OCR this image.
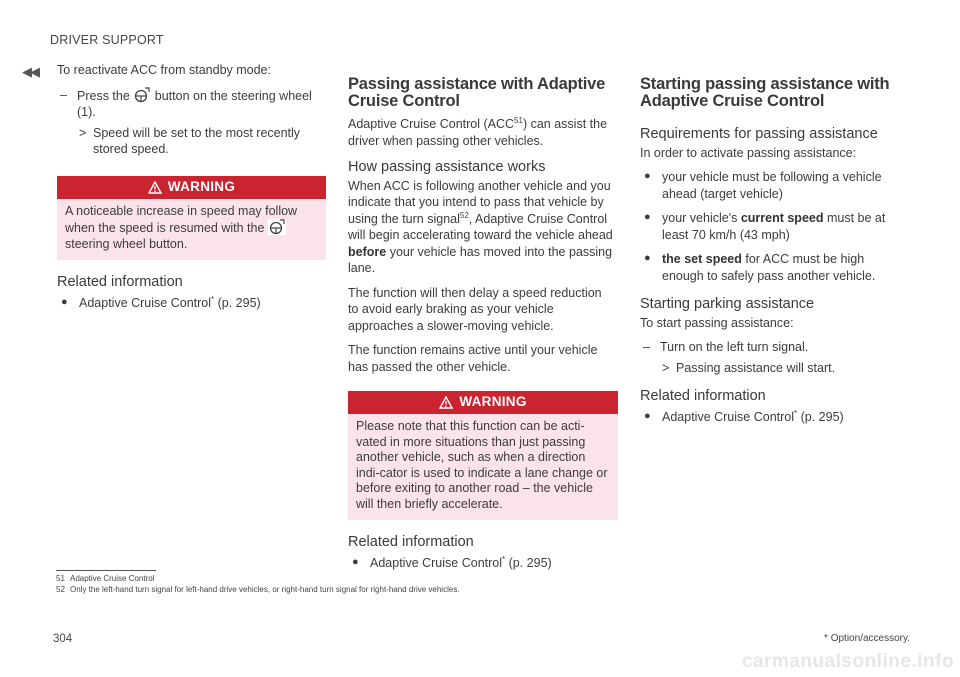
DRIVER SUPPORT
◀◀ To reactivate ACC from standby mode:

– Press the button on the steering wheel (1).
> Speed will be set to the most recently stored speed.
WARNING
A noticeable increase in speed may follow when the speed is resumed with the  steering wheel button.
Related information
● Adaptive Cruise Control* (p. 295)
Passing assistance with Adaptive Cruise Control

Adaptive Cruise Control (ACC$^{51}$) can assist the driver when passing other vehicles.

How passing assistance works

When ACC is following another vehicle and you indicate that you intend to pass that vehicle by using the turn signal$^{52}$, Adaptive Cruise Control will begin accelerating toward the vehicle ahead before your vehicle has moved into the passing lane.

The function will then delay a speed reduction to avoid early braking as your vehicle approaches a slower-moving vehicle.

The function remains active until your vehicle has passed the other vehicle.

WARNING
Please note that this function can be acti-vated in more situations than just passing another vehicle, such as when a direction indi-cator is used to indicate a lane change or before exiting to another road – the vehicle will then briefly accelerate.
Related information
● Adaptive Cruise Control* (p. 295)
Starting passing assistance with Adaptive Cruise Control
Requirements for passing assistance

In order to activate passing assistance:

● your vehicle must be following a vehicle ahead (target vehicle)
● your vehicle's current speed must be at least 70 km/h (43 mph)
● the set speed for ACC must be high enough to safely pass another vehicle.
Starting parking assistance

To start passing assistance:

– Turn on the left turn signal.
> Passing assistance will start.
Related information
● Adaptive Cruise Control* (p. 295)
51 Adaptive Cruise Control
52 Only the left-hand turn signal for left-hand drive vehicles, or right-hand turn signal for right-hand drive vehicles.
* Option/accessory.
304
carmanualsonline.info
